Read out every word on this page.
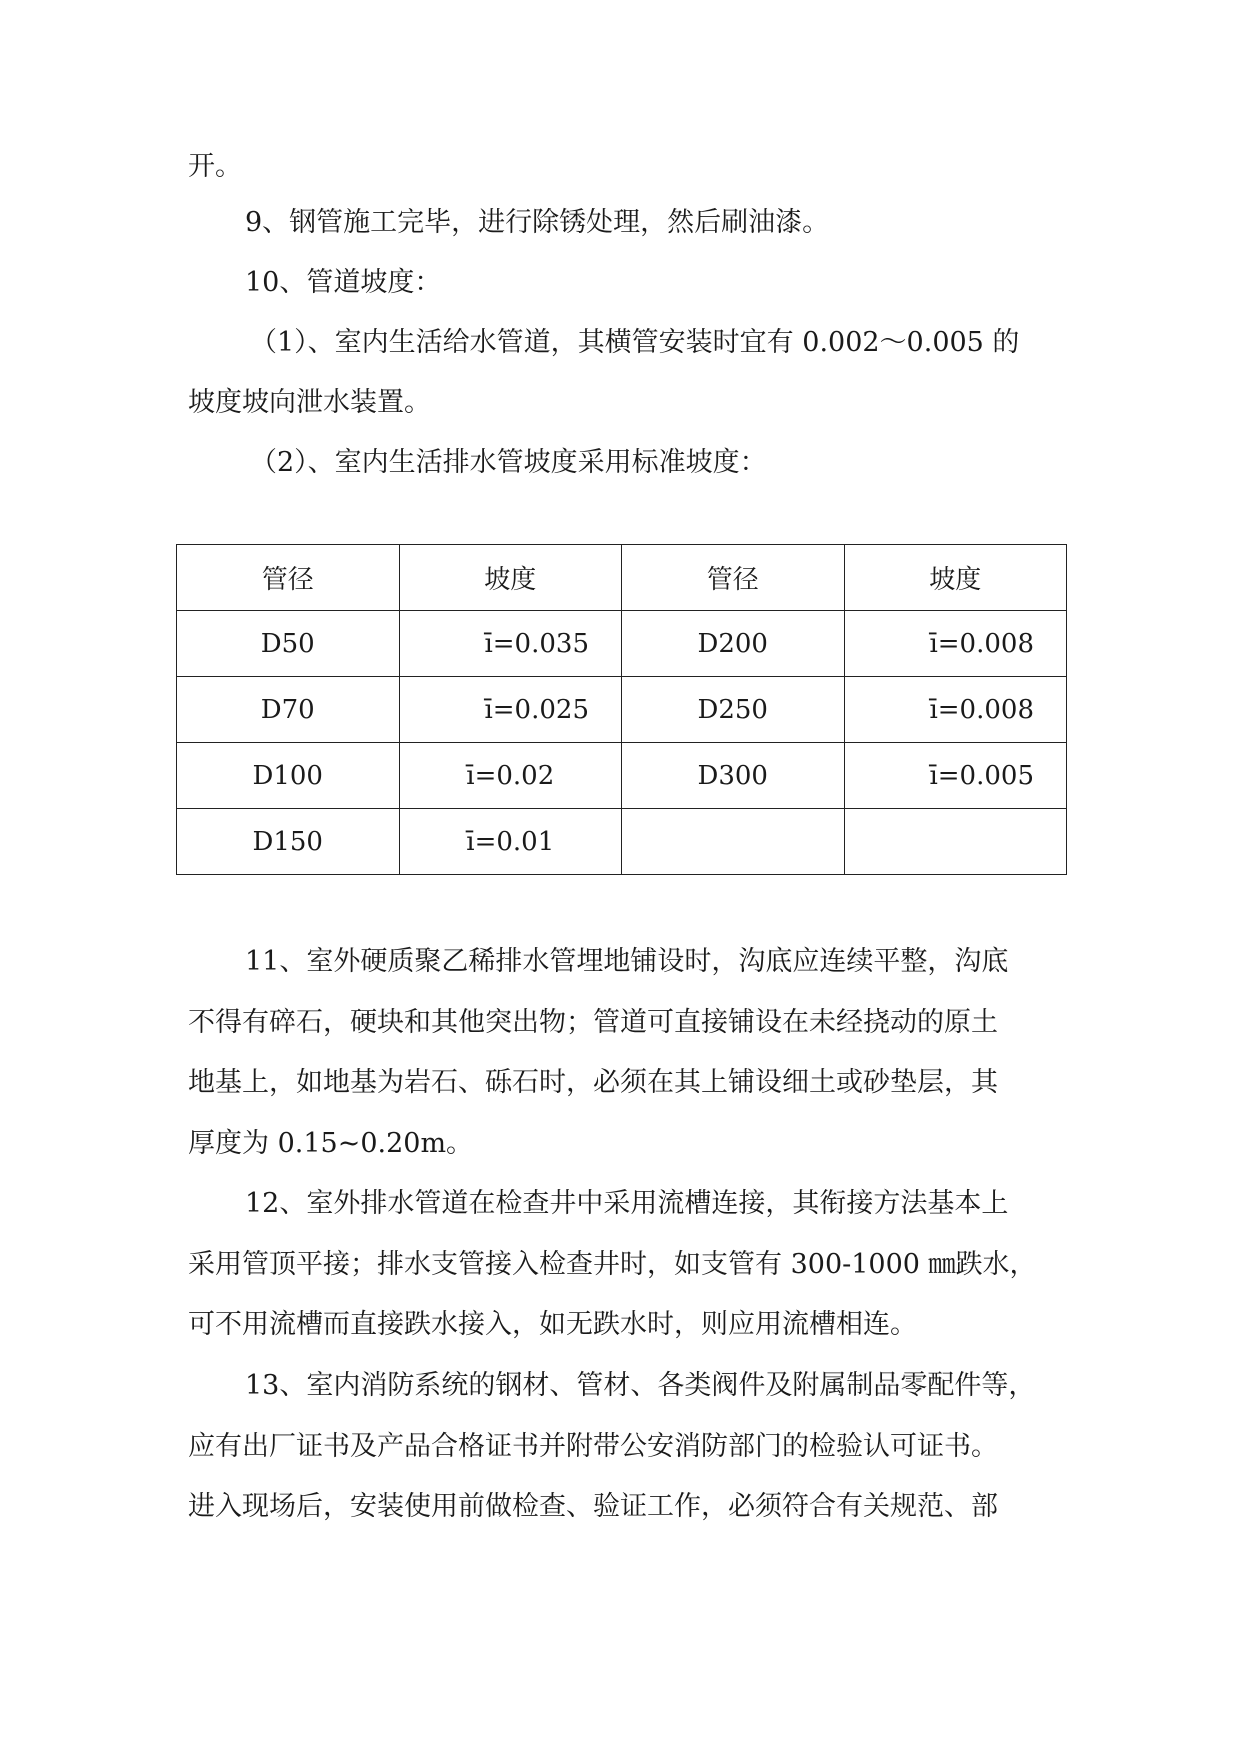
开。
9、钢管施工完毕，进行除锈处理，然后刷油漆。
10、管道坡度：
（1）、室内生活给水管道，其横管安装时宜有 0.002～0.005 的
坡度坡向泄水装置。
（2）、室内生活排水管坡度采用标准坡度：
管径	坡度	管径	坡度
D50	ī=0.035	D200	ī=0.008
D70	ī=0.025	D250	ī=0.008
D100	ī=0.02	D300	ī=0.005
D150	ī=0.01		
11、室外硬质聚乙稀排水管埋地铺设时，沟底应连续平整，沟底
不得有碎石，硬块和其他突出物；管道可直接铺设在未经挠动的原土
地基上，如地基为岩石、砾石时，必须在其上铺设细土或砂垫层，其
厚度为 0.15~0.20m。
12、室外排水管道在检查井中采用流槽连接，其衔接方法基本上
采用管顶平接；排水支管接入检查井时，如支管有 300-1000 ㎜跌水，
可不用流槽而直接跌水接入，如无跌水时，则应用流槽相连。
13、室内消防系统的钢材、管材、各类阀件及附属制品零配件等，
应有出厂证书及产品合格证书并附带公安消防部门的检验认可证书。
进入现场后，安装使用前做检查、验证工作，必须符合有关规范、部
